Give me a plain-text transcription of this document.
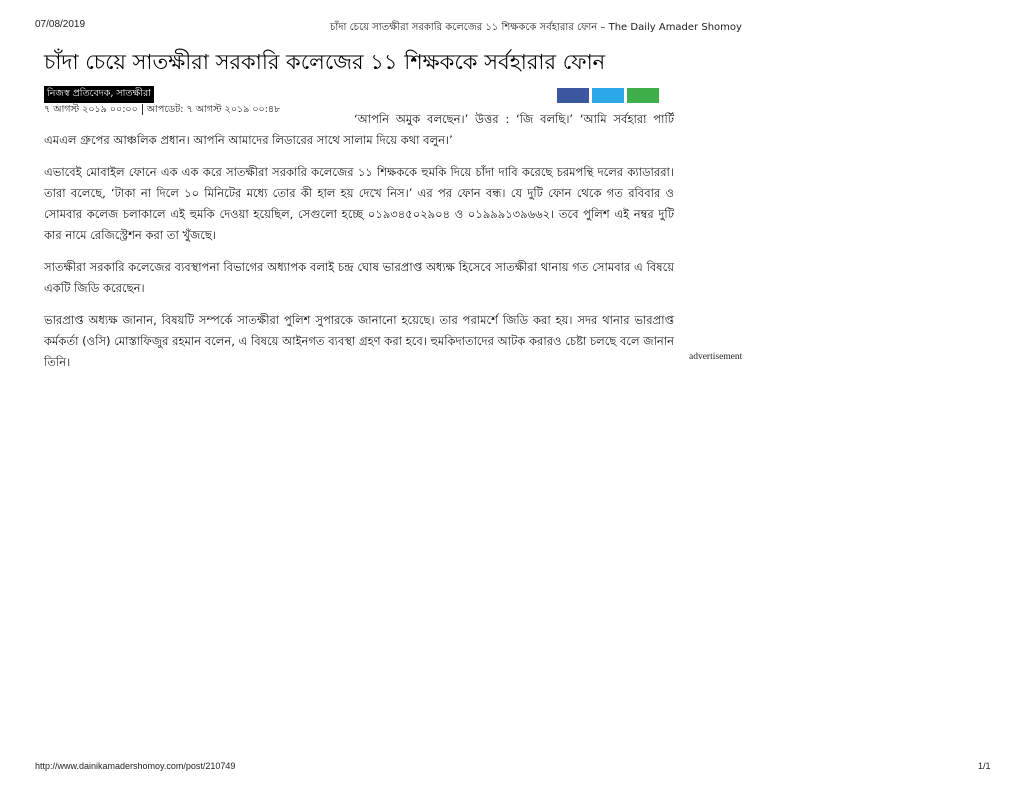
07/08/2019	চাঁদা চেয়ে সাতক্ষীরা সরকারি কলেজের ১১ শিক্ষককে সর্বহারার ফোন – The Daily Amader Shomoy
চাঁদা চেয়ে সাতক্ষীরা সরকারি কলেজের ১১ শিক্ষককে সর্বহারার ফোন
নিজস্ব প্রতিবেদক, সাতক্ষীরা
৭ আগস্ট ২০১৯ ০০:০০ আপডেট: ৭ আগস্ট ২০১৯ ০০:৪৮

‘আপনি অমুক বলছেন।’ উত্তর : ‘জি বলছি।’ ‘আমি সর্বহারা পার্টি এমএল গ্রুপের আঞ্চলিক প্রধান। আপনি আমাদের লিডারের সাথে সালাম দিয়ে কথা বলুন।’

এভাবেই মোবাইল ফোনে এক এক করে সাতক্ষীরা সরকারি কলেজের ১১ শিক্ষককে হুমকি দিয়ে চাঁদা দাবি করেছে চরমপন্থি দলের ক্যাডাররা। তারা বলেছে, ‘টাকা না দিলে ১০ মিনিটের মধ্যে তোর কী হাল হয় দেখে নিস।’ এর পর ফোন বন্ধ। যে দুটি ফোন থেকে গত রবিবার ও সোমবার কলেজ চলাকালে এই হুমকি দেওয়া হয়েছিল, সেগুলো হচ্ছে ০১৯৩৪৫০২৯০৪ ও ০১৯৯৯১৩৯৬৬২। তবে পুলিশ এই নম্বর দুটি কার নামে রেজিস্ট্রেশন করা তা খুঁজছে।

সাতক্ষীরা সরকারি কলেজের ব্যবস্থাপনা বিভাগের অধ্যাপক বলাই চন্দ্র ঘোষ ভারপ্রাপ্ত অধ্যক্ষ হিসেবে সাতক্ষীরা থানায় গত সোমবার এ বিষয়ে একটি জিডি করেছেন।

ভারপ্রাপ্ত অধ্যক্ষ জানান, বিষয়টি সম্পর্কে সাতক্ষীরা পুলিশ সুপারকে জানানো হয়েছে। তার পরামর্শে জিডি করা হয়। সদর থানার ভারপ্রাপ্ত কর্মকর্তা (ওসি) মোস্তাফিজুর রহমান বলেন, এ বিষয়ে আইনগত ব্যবস্থা গ্রহণ করা হবে। হুমকিদাতাদের আটক করারও চেষ্টা চলছে বলে জানান তিনি।	advertisement
http://www.dainikamadershomoy.com/post/210749	1/1
